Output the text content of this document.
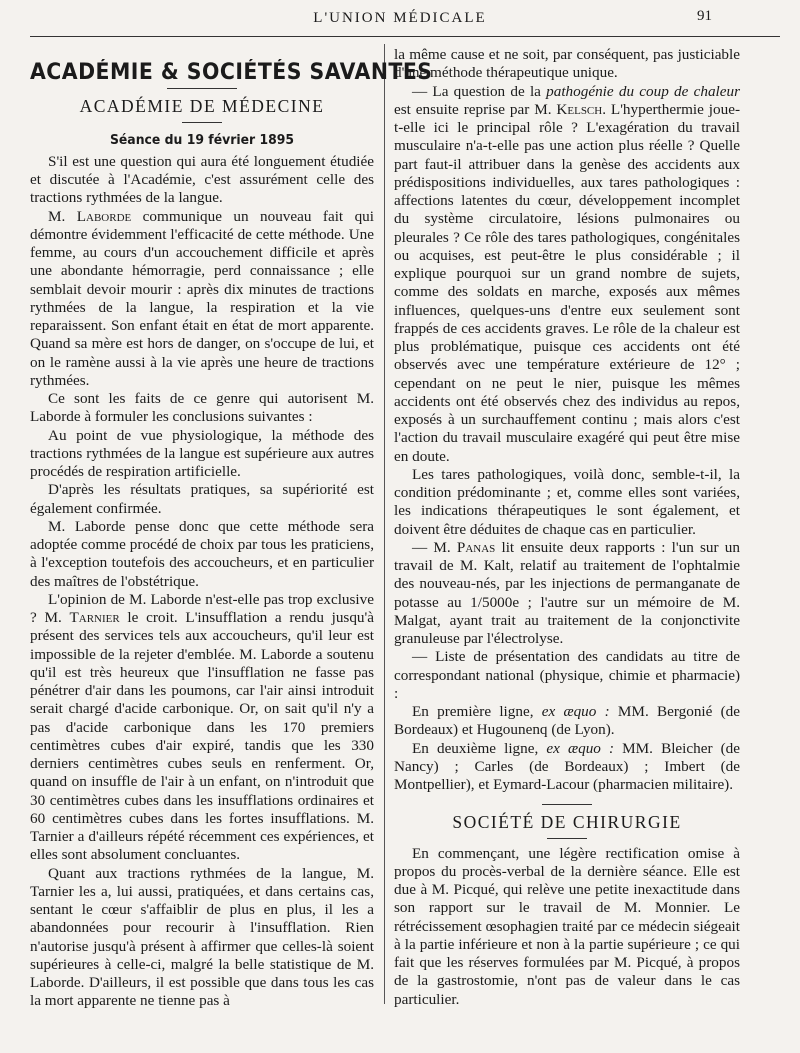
L'UNION MÉDICALE	91
ACADÉMIE & SOCIÉTÉS SAVANTES
ACADÉMIE DE MÉDECINE
Séance du 19 février 1895

S'il est une question qui aura été longuement étudiée et discutée à l'Académie, c'est assurément celle des tractions rythmées de la langue.

M. Laborde communique un nouveau fait qui démontre évidemment l'efficacité de cette méthode. Une femme, au cours d'un accouchement difficile et après une abondante hémorragie, perd connaissance ; elle semblait devoir mourir : après dix minutes de tractions rythmées de la langue, la respiration et la vie reparaissent. Son enfant était en état de mort apparente. Quand sa mère est hors de danger, on s'occupe de lui, et on le ramène aussi à la vie après une heure de tractions rythmées.

Ce sont les faits de ce genre qui autorisent M. Laborde à formuler les conclusions suivantes :

Au point de vue physiologique, la méthode des tractions rythmées de la langue est supérieure aux autres procédés de respiration artificielle.

D'après les résultats pratiques, sa supériorité est également confirmée.

M. Laborde pense donc que cette méthode sera adoptée comme procédé de choix par tous les praticiens, à l'exception toutefois des accoucheurs, et en particulier des maîtres de l'obstétrique.

L'opinion de M. Laborde n'est-elle pas trop exclusive ? M. Tarnier le croit. L'insufflation a rendu jusqu'à présent des services tels aux accoucheurs, qu'il leur est impossible de la rejeter d'emblée. M. Laborde a soutenu qu'il est très heureux que l'insufflation ne fasse pas pénétrer d'air dans les poumons, car l'air ainsi introduit serait chargé d'acide carbonique. Or, on sait qu'il n'y a pas d'acide carbonique dans les 170 premiers centimètres cubes d'air expiré, tandis que les 330 derniers centimètres cubes seuls en renferment. Or, quand on insuffle de l'air à un enfant, on n'introduit que 30 centimètres cubes dans les insufflations ordinaires et 60 centimètres cubes dans les fortes insufflations. M. Tarnier a d'ailleurs répété récemment ces expériences, et elles sont absolument concluantes.

Quant aux tractions rythmées de la langue, M. Tarnier les a, lui aussi, pratiquées, et dans certains cas, sentant le cœur s'affaiblir de plus en plus, il les a abandonnées pour recourir à l'insufflation. Rien n'autorise jusqu'à présent à affirmer que celles-là soient supérieures à celle-ci, malgré la belle statistique de M. Laborde. D'ailleurs, il est possible que dans tous les cas la mort apparente ne tienne pas à

la même cause et ne soit, par conséquent, pas justiciable d'une méthode thérapeutique unique.

— La question de la pathogénie du coup de chaleur est ensuite reprise par M. Kelsch. L'hyperthermie joue-t-elle ici le principal rôle ? L'exagération du travail musculaire n'a-t-elle pas une action plus réelle ? Quelle part faut-il attribuer dans la genèse des accidents aux prédispositions individuelles, aux tares pathologiques : affections latentes du cœur, développement incomplet du système circulatoire, lésions pulmonaires ou pleurales ? Ce rôle des tares pathologiques, congénitales ou acquises, est peut-être le plus considérable ; il explique pourquoi sur un grand nombre de sujets, comme des soldats en marche, exposés aux mêmes influences, quelques-uns d'entre eux seulement sont frappés de ces accidents graves. Le rôle de la chaleur est plus problématique, puisque ces accidents ont été observés avec une température extérieure de 12° ; cependant on ne peut le nier, puisque les mêmes accidents ont été observés chez des individus au repos, exposés à un surchauffement continu ; mais alors c'est l'action du travail musculaire exagéré qui peut être mise en doute.

Les tares pathologiques, voilà donc, semble-t-il, la condition prédominante ; et, comme elles sont variées, les indications thérapeutiques le sont également, et doivent être déduites de chaque cas en particulier.

— M. Panas lit ensuite deux rapports : l'un sur un travail de M. Kalt, relatif au traitement de l'ophtalmie des nouveau-nés, par les injections de permanganate de potasse au 1/5000e ; l'autre sur un mémoire de M. Malgat, ayant trait au traitement de la conjonctivite granuleuse par l'électrolyse.

— Liste de présentation des candidats au titre de correspondant national (physique, chimie et pharmacie) :

En première ligne, ex æquo : MM. Bergonié (de Bordeaux) et Hugounenq (de Lyon).

En deuxième ligne, ex æquo : MM. Bleicher (de Nancy) ; Carles (de Bordeaux) ; Imbert (de Montpellier), et Eymard-Lacour (pharmacien militaire).

SOCIÉTÉ DE CHIRURGIE

En commençant, une légère rectification omise à propos du procès-verbal de la dernière séance. Elle est due à M. Picqué, qui relève une petite inexactitude dans son rapport sur le travail de M. Monnier. Le rétrécissement œsophagien traité par ce médecin siégeait à la partie inférieure et non à la partie supérieure ; ce qui fait que les réserves formulées par M. Picqué, à propos de la gastrostomie, n'ont pas de valeur dans le cas particulier.
